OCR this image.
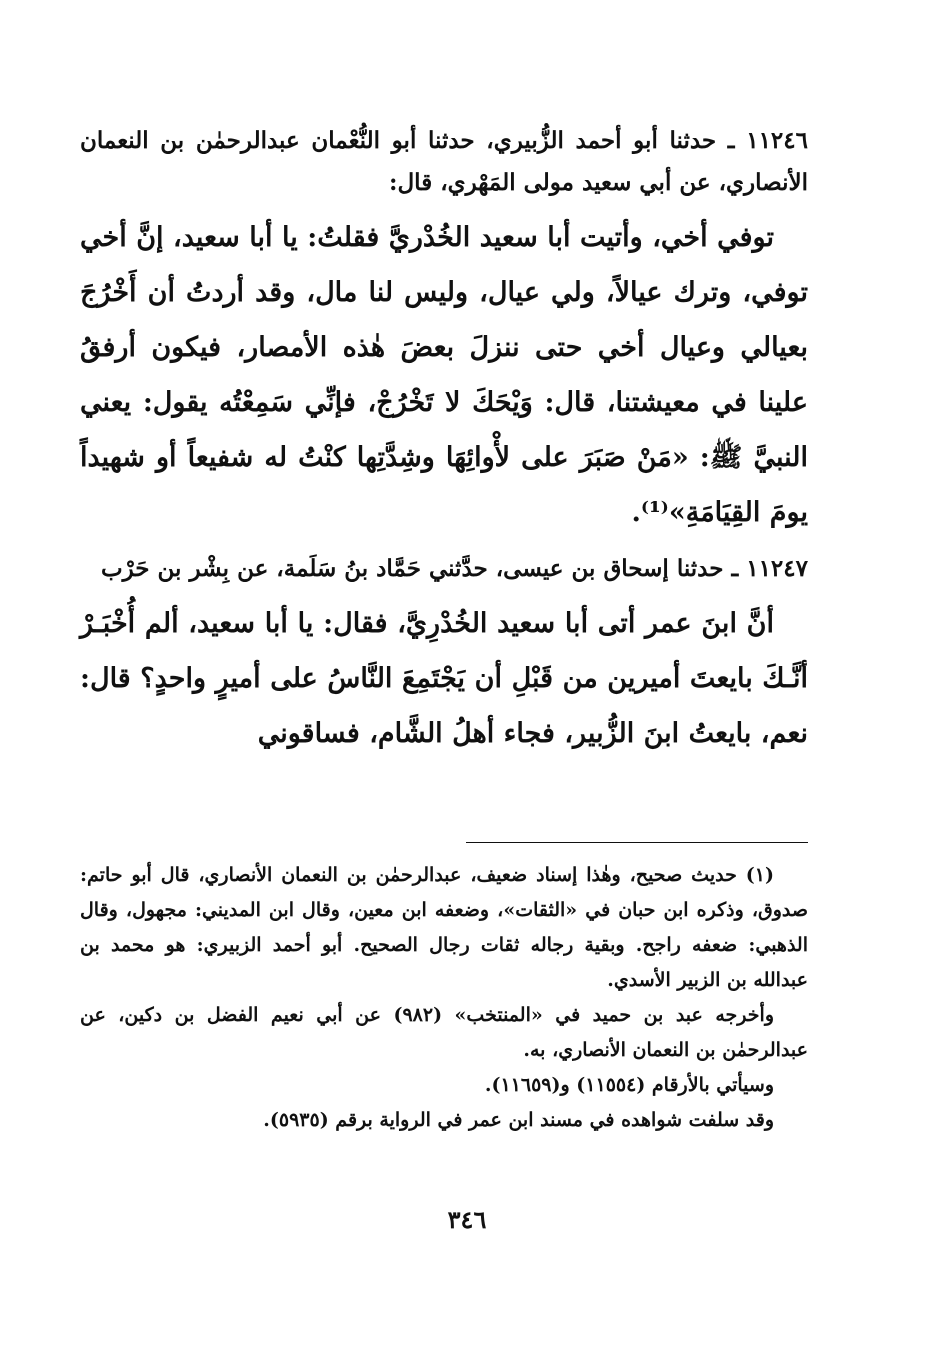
١١٢٤٦ ـ حدثنا أبو أحمد الزُّبيري، حدثنا أبو النُّعْمان عبدالرحمٰن بن النعمان الأنصاري، عن أبي سعيد مولى المَهْري، قال:

توفي أخي، وأتيت أبا سعيد الخُدْريَّ فقلتُ: يا أبا سعيد، إنَّ أخي توفي، وترك عيالاً، ولي عيال، وليس لنا مال، وقد أردتُ أن أَخْرُجَ بعيالي وعيال أخي حتى ننزلَ بعضَ هٰذه الأمصار، فيكون أرفقُ علينا في معيشتنا، قال: وَيْحَكَ لا تَخْرُجْ، فإنِّي سَمِعْتُه يقول: يعني النبيَّ ﷺ: «مَنْ صَبَرَ على لأْوائِهَا وشِدَّتِها كنْتُ له شفيعاً أو شهيداً يومَ القِيَامَةِ»⁽¹⁾.

١١٢٤٧ ـ حدثنا إسحاق بن عيسى، حدَّثني حَمَّاد بنُ سَلَمة، عن بِشْر بن حَرْب

أنَّ ابنَ عمر أتى أبا سعيد الخُدْرِيَّ، فقال: يا أبا سعيد، ألم أُخْبَـرْ أنَّـكَ بايعتَ أميرين من قَبْلِ أن يَجْتَمِعَ النَّاسُ على أميرٍ واحدٍ؟ قال: نعم، بايعتُ ابنَ الزُّبير، فجاء أهلُ الشَّام، فساقوني

(١) حديث صحيح، وهٰذا إسناد ضعيف، عبدالرحمٰن بن النعمان الأنصاري، قال أبو حاتم: صدوق، وذكره ابن حبان في «الثقات»، وضعفه ابن معين، وقال ابن المديني: مجهول، وقال الذهبي: ضعفه راجح. وبقية رجاله ثقات رجال الصحيح. أبو أحمد الزبيري: هو محمد بن عبدالله بن الزبير الأسدي.

وأخرجه عبد بن حميد في «المنتخب» (٩٨٢) عن أبي نعيم الفضل بن دكين، عن عبدالرحمٰن بن النعمان الأنصاري، به.

وسيأتي بالأرقام (١١٥٥٤) و(١١٦٥٩).

وقد سلفت شواهده في مسند ابن عمر في الرواية برقم (٥٩٣٥).

٣٤٦
